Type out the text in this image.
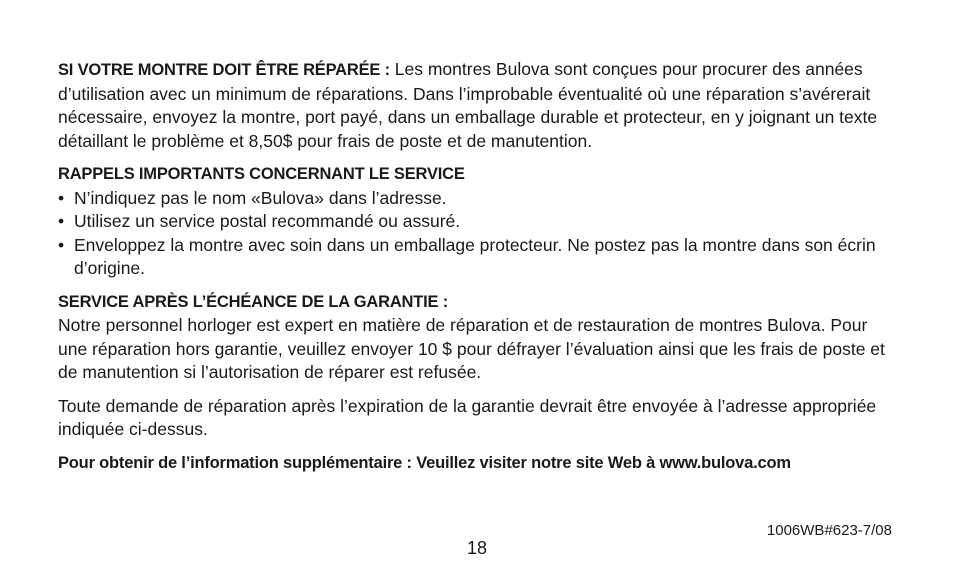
SI VOTRE MONTRE DOIT ÊTRE RÉPARÉE : Les montres Bulova sont conçues pour procurer des années d’utilisation avec un minimum de réparations. Dans l’improbable éventualité où une réparation s’avérerait nécessaire, envoyez la montre, port payé, dans un emballage durable et protecteur, en y joignant un texte détaillant le problème et 8,50$ pour frais de poste et de manutention.

RAPPELS IMPORTANTS CONCERNANT LE SERVICE
• N’indiquez pas le nom «Bulova» dans l’adresse.
• Utilisez un service postal recommandé ou assuré.
• Enveloppez la montre avec soin dans un emballage protecteur. Ne postez pas la montre dans son écrin d’origine.
SERVICE APRÈS L’ÉCHÉANCE DE LA GARANTIE :

Notre personnel horloger est expert en matière de réparation et de restauration de montres Bulova. Pour une réparation hors garantie, veuillez envoyer 10 $ pour défrayer l’évaluation ainsi que les frais de poste et de manutention si l’autorisation de réparer est refusée.

Toute demande de réparation après l’expiration de la garantie devrait être envoyée à l’adresse appropriée indiquée ci-dessus.

Pour obtenir de l’information supplémentaire : Veuillez visiter notre site Web à www.bulova.com

1006WB#623-7/08
18
